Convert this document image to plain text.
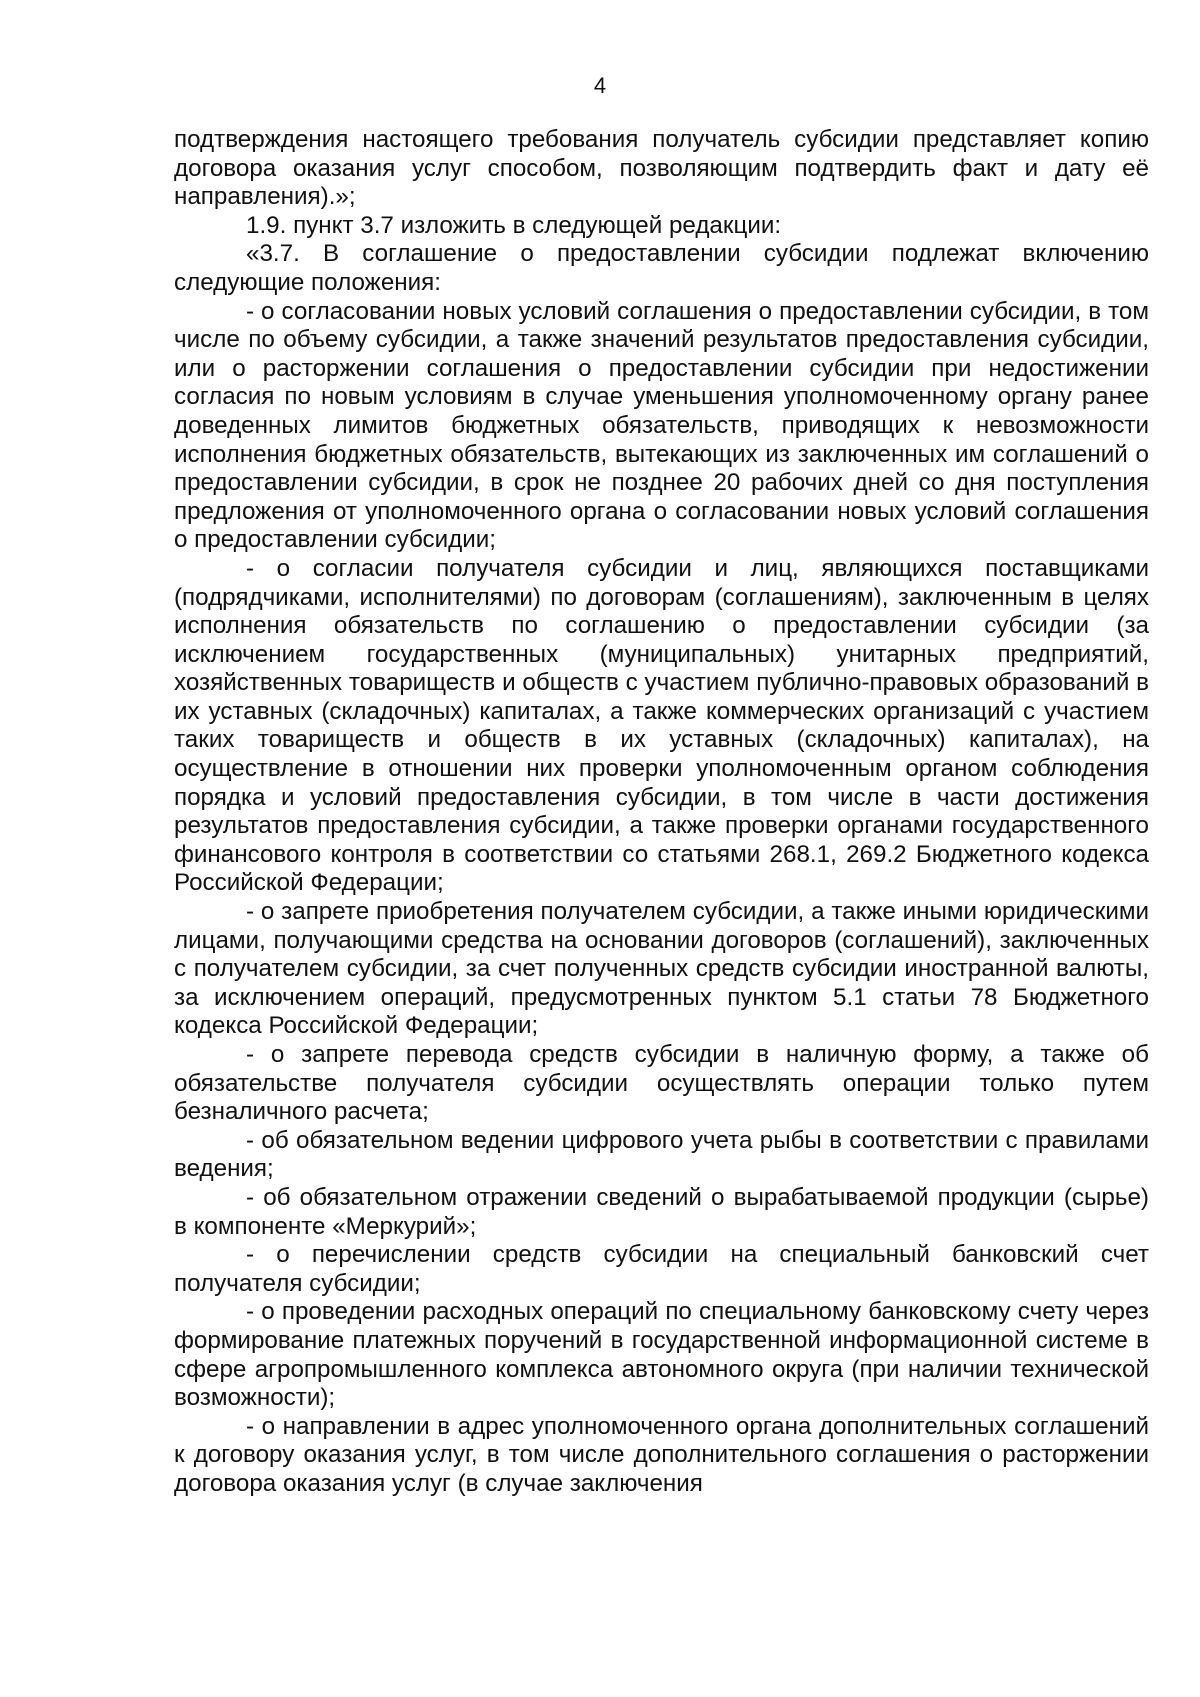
4

подтверждения настоящего требования получатель субсидии представляет копию договора оказания услуг способом, позволяющим подтвердить факт и дату её направления).»;

1.9. пункт 3.7 изложить в следующей редакции:

«3.7. В соглашение о предоставлении субсидии подлежат включению следующие положения:

- о согласовании новых условий соглашения о предоставлении субсидии, в том числе по объему субсидии, а также значений результатов предоставления субсидии, или о расторжении соглашения о предоставлении субсидии при недостижении согласия по новым условиям в случае уменьшения уполномоченному органу ранее доведенных лимитов бюджетных обязательств, приводящих к невозможности исполнения бюджетных обязательств, вытекающих из заключенных им соглашений о предоставлении субсидии, в срок не позднее 20 рабочих дней со дня поступления предложения от уполномоченного органа о согласовании новых условий соглашения о предоставлении субсидии;

- о согласии получателя субсидии и лиц, являющихся поставщиками (подрядчиками, исполнителями) по договорам (соглашениям), заключенным в целях исполнения обязательств по соглашению о предоставлении субсидии (за исключением государственных (муниципальных) унитарных предприятий, хозяйственных товариществ и обществ с участием публично-правовых образований в их уставных (складочных) капиталах, а также коммерческих организаций с участием таких товариществ и обществ в их уставных (складочных) капиталах), на осуществление в отношении них проверки уполномоченным органом соблюдения порядка и условий предоставления субсидии, в том числе в части достижения результатов предоставления субсидии, а также проверки органами государственного финансового контроля в соответствии со статьями 268.1, 269.2 Бюджетного кодекса Российской Федерации;

- о запрете приобретения получателем субсидии, а также иными юридическими лицами, получающими средства на основании договоров (соглашений), заключенных с получателем субсидии, за счет полученных средств субсидии иностранной валюты, за исключением операций, предусмотренных пунктом 5.1 статьи 78 Бюджетного кодекса Российской Федерации;

- о запрете перевода средств субсидии в наличную форму, а также об обязательстве получателя субсидии осуществлять операции только путем безналичного расчета;

- об обязательном ведении цифрового учета рыбы в соответствии с правилами ведения;

- об обязательном отражении сведений о вырабатываемой продукции (сырье) в компоненте «Меркурий»;

- о перечислении средств субсидии на специальный банковский счет получателя субсидии;

- о проведении расходных операций по специальному банковскому счету через формирование платежных поручений в государственной информационной системе в сфере агропромышленного комплекса автономного округа (при наличии технической возможности);

- о направлении в адрес уполномоченного органа дополнительных соглашений к договору оказания услуг, в том числе дополнительного соглашения о расторжении договора оказания услуг (в случае заключения
